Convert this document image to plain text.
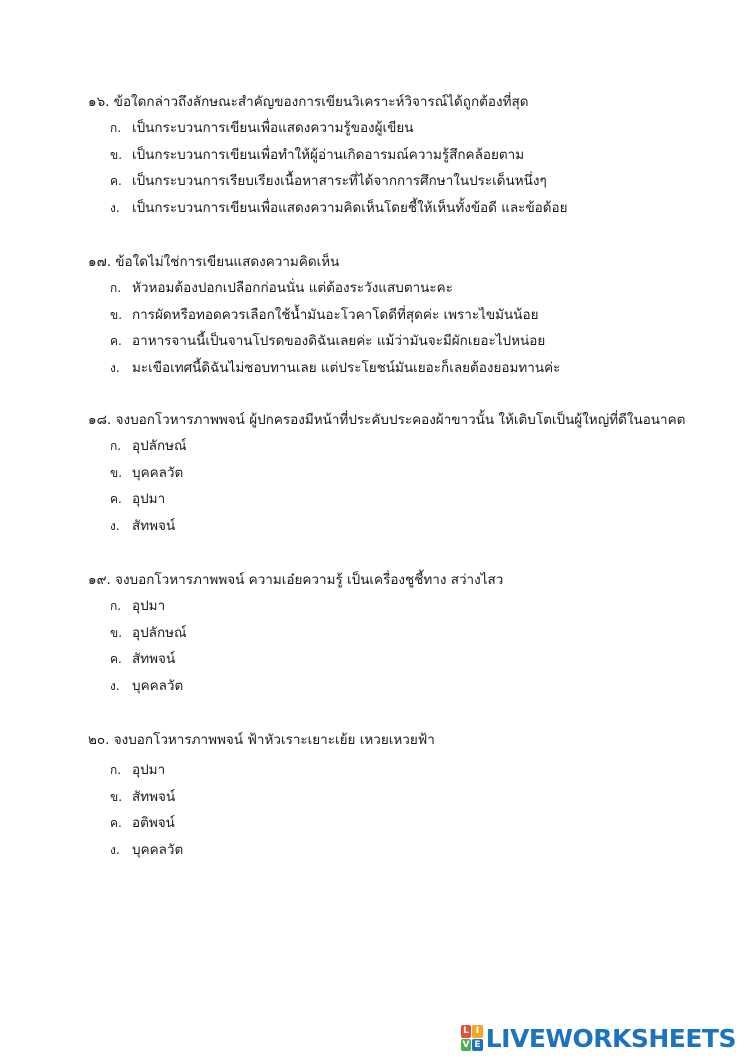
๑๖. ข้อใดกล่าวถึงลักษณะสำคัญของการเขียนวิเคราะห์วิจารณ์ได้ถูกต้องที่สุด
ก. เป็นกระบวนการเขียนเพื่อแสดงความรู้ของผู้เขียน
ข. เป็นกระบวนการเขียนเพื่อทำให้ผู้อ่านเกิดอารมณ์ความรู้สึกคล้อยตาม
ค. เป็นกระบวนการเรียบเรียงเนื้อหาสาระที่ได้จากการศึกษาในประเด็นหนึ่งๆ
ง. เป็นกระบวนการเขียนเพื่อแสดงความคิดเห็นโดยชี้ให้เห็นทั้งข้อดี และข้อด้อย
๑๗. ข้อใดไม่ใช่การเขียนแสดงความคิดเห็น
ก. หัวหอมต้องปอกเปลือกก่อนนั่น แต่ต้องระวังแสบตานะคะ
ข. การผัดหรือทอดควรเลือกใช้น้ำมันอะโวคาโดดีที่สุดค่ะ เพราะไขมันน้อย
ค. อาหารจานนี้เป็นจานโปรดของดิฉันเลยค่ะ แม้ว่ามันจะมีผักเยอะไปหน่อย
ง. มะเขือเทศนี้ดิฉันไม่ชอบทานเลย แต่ประโยชน์มันเยอะก็เลยต้องยอมทานค่ะ
๑๘. จงบอกโวหารภาพพจน์ ผู้ปกครองมีหน้าที่ประคับประคองผ้าขาวนั้น ให้เติบโตเป็นผู้ใหญ่ที่ดีในอนาคต
ก. อุปลักษณ์
ข. บุคคลวัต
ค. อุปมา
ง. สัทพจน์
๑๙. จงบอกโวหารภาพพจน์ ความเอ๋ยความรู้ เป็นเครื่องชูชี้ทาง สว่างไสว
ก. อุปมา
ข. อุปลักษณ์
ค. สัทพจน์
ง. บุคคลวัต
๒๐. จงบอกโวหารภาพพจน์ ฟ้าหัวเราะเยาะเย้ย เหวยเหวยฟ้า
ก. อุปมา
ข. สัทพจน์
ค. อติพจน์
ง. บุคคลวัต
L I
V E LIVEWORKSHEETS
